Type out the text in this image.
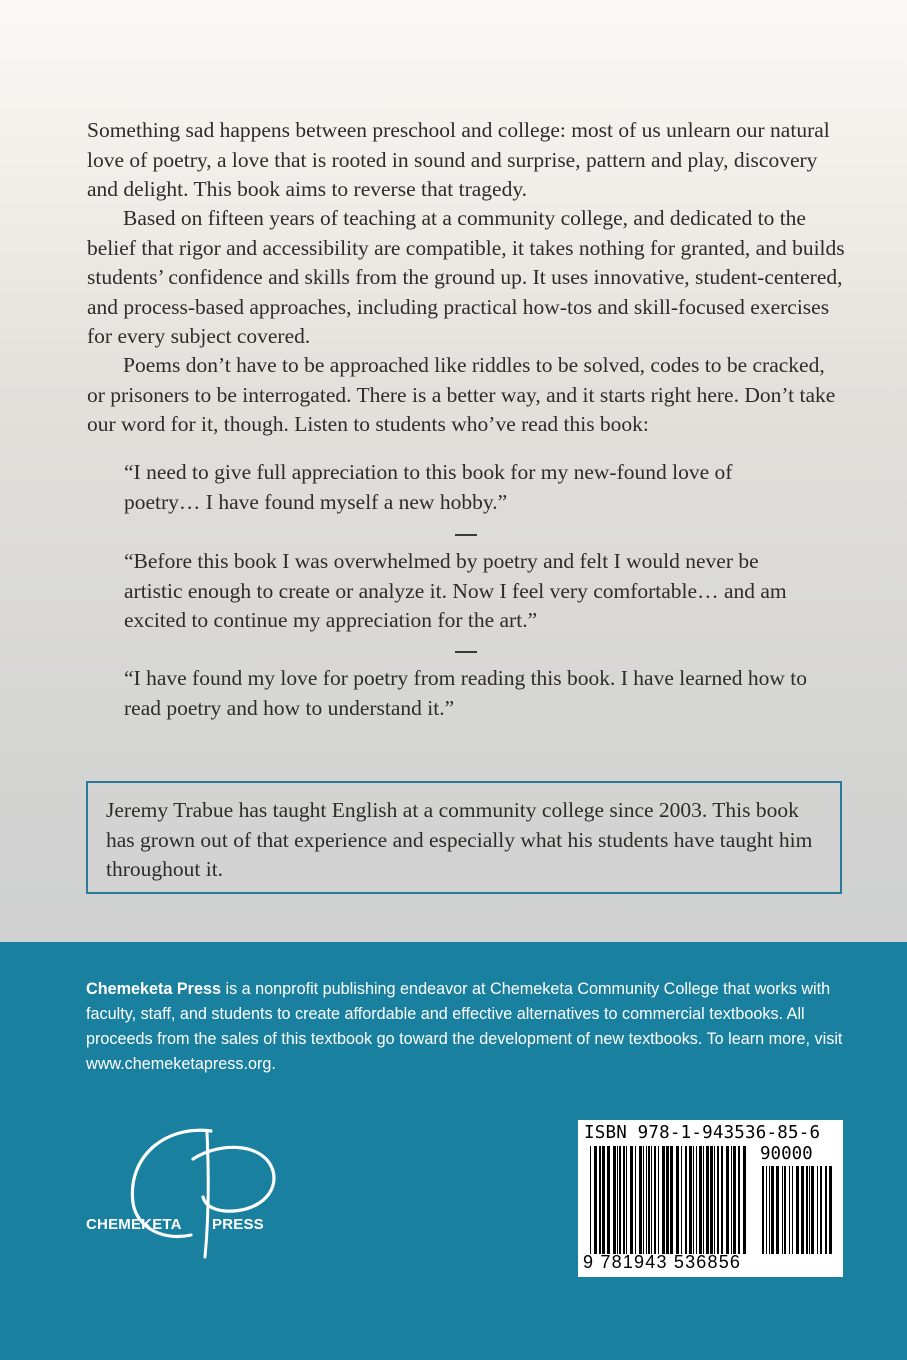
Something sad happens between preschool and college: most of us unlearn our natural love of poetry, a love that is rooted in sound and surprise, pattern and play, discovery and delight. This book aims to reverse that tragedy.

Based on fifteen years of teaching at a community college, and dedicated to the belief that rigor and accessibility are compatible, it takes nothing for granted, and builds students’ confidence and skills from the ground up. It uses innovative, student-centered, and process-based approaches, including practical how-tos and skill-focused exercises for every subject covered.

Poems don’t have to be approached like riddles to be solved, codes to be cracked, or prisoners to be interrogated. There is a better way, and it starts right here. Don’t take our word for it, though. Listen to students who’ve read this book:

“I need to give full appreciation to this book for my new-found love of poetry… I have found myself a new hobby.”

“Before this book I was overwhelmed by poetry and felt I would never be artistic enough to create or analyze it. Now I feel very comfortable… and am excited to continue my appreciation for the art.”

“I have found my love for poetry from reading this book. I have learned how to read poetry and how to understand it.”

Jeremy Trabue has taught English at a community college since 2003. This book has grown out of that experience and especially what his students have taught him throughout it.

Chemeketa Press is a nonprofit publishing endeavor at Chemeketa Community College that works with faculty, staff, and students to create affordable and effective alternatives to commercial textbooks. All proceeds from the sales of this textbook go toward the development of new textbooks. To learn more, visit www.chemeketapress.org.

CHEMEKETA PRESS
ISBN 978-1-943536-85-6
90000
9 781943 536856
